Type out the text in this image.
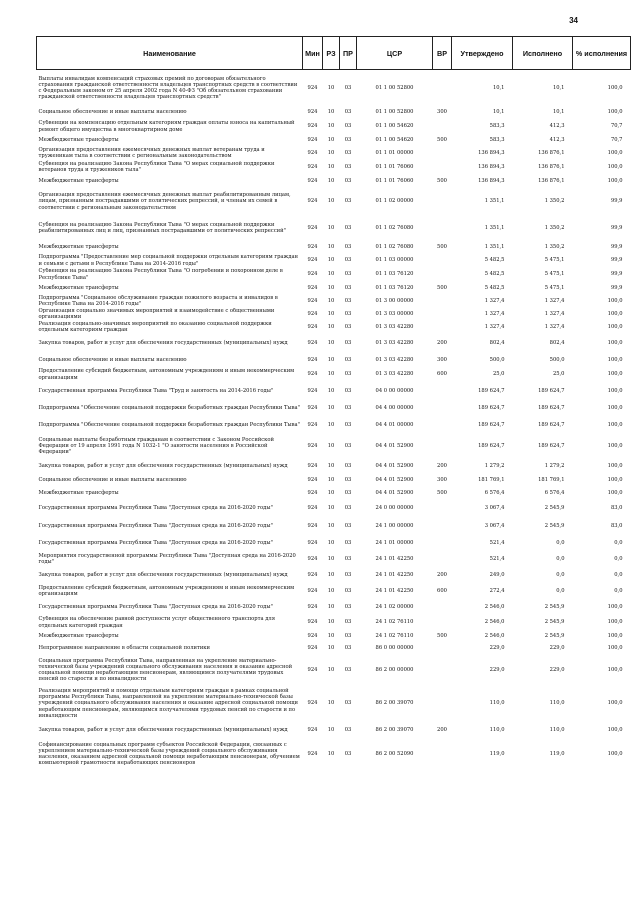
34
Наименование	Мин	РЗ	ПР	ЦСР	ВР	Утверждено	Исполнено	% исполнения
Выплаты инвалидам компенсаций страховых премий по договорам обязательного страхования гражданской ответственности владельцев транспортных средств в соответствии с Федеральным законом от 25 апреля 2002 года N 40-ФЗ "Об обязательном страховании гражданской ответственности владельцев транспортных средств"	924	10	03	01 1 00 52800		10,1	10,1	100,0
Социальное обеспечение и иные выплаты населению	924	10	03	01 1 00 52800	300	10,1	10,1	100,0
Субвенции на компенсацию отдельным категориям граждан оплаты взноса на капитальный ремонт общего имущества в многоквартирном доме	924	10	03	01 1 00 54620		583,3	412,3	70,7
Межбюджетные трансферты	924	10	03	01 1 00 54620	500	583,3	412,3	70,7
Организация предоставления ежемесячных денежных выплат ветеранам труда и труженикам тыла в соответствии с региональным законодательством	924	10	03	01 1 01 00000		136 894,3	136 876,1	100,0
Субвенция на реализацию Закона Республики Тыва "О мерах социальной поддержки ветеранов труда и тружеников тыла"	924	10	03	01 1 01 76060		136 894,3	136 876,1	100,0
Межбюджетные трансферты	924	10	03	01 1 01 76060	500	136 894,3	136 876,1	100,0
Организация предоставления ежемесячных денежных выплат реабилитированным лицам, лицам, признанным пострадавшими от политических репрессий, и членам их семей в соответствии с региональным законодательством	924	10	03	01 1 02 00000		1 351,1	1 350,2	99,9
Субвенция на реализацию Закона Республики Тыва "О мерах социальной поддержки реабилитированных лиц и лиц, признанных пострадавшими от политических репрессий"	924	10	03	01 1 02 76080		1 351,1	1 350,2	99,9
Межбюджетные трансферты	924	10	03	01 1 02 76080	500	1 351,1	1 350,2	99,9
Подпрограмма "Предоставление мер социальной поддержки отдельным категориям граждан и семьям с детьми в Республике Тыва на 2014-2016 годы"	924	10	03	01 1 03 00000		5 482,5	5 475,1	99,9
Субвенция на реализацию Закона Республики Тыва "О погребении и похоронном деле в Республике Тыва"	924	10	03	01 1 03 76120		5 482,5	5 475,1	99,9
Межбюджетные трансферты	924	10	03	01 1 03 76120	500	5 482,5	5 475,1	99,9
Подпрограмма "Социальное обслуживание граждан пожилого возраста и инвалидов в Республике Тыва на 2014-2016 годы"	924	10	03	01 3 00 00000		1 327,4	1 327,4	100,0
Организация социально значимых мероприятий и взаимодействие с общественными организациями	924	10	03	01 3 03 00000		1 327,4	1 327,4	100,0
Реализация социально-значимых мероприятий по оказанию социальной поддержки отдельным категориям граждан	924	10	03	01 3 03 42280		1 327,4	1 327,4	100,0
Закупка товаров, работ и услуг для обеспечения государственных (муниципальных) нужд	924	10	03	01 3 03 42280	200	802,4	802,4	100,0
Социальное обеспечение и иные выплаты населению	924	10	03	01 3 03 42280	300	500,0	500,0	100,0
Предоставление субсидий бюджетным, автономным учреждениям и иным некоммерческим организациям	924	10	03	01 3 03 42280	600	25,0	25,0	100,0
Государственная программа Республики Тыва "Труд и занятость на 2014-2016 годы"	924	10	03	04 0 00 00000		189 624,7	189 624,7	100,0
Подпрограмма "Обеспечение социальной поддержки безработных граждан Республики Тыва"	924	10	03	04 4 00 00000		189 624,7	189 624,7	100,0
Подпрограмма "Обеспечение социальной поддержки безработных граждан Республики Тыва"	924	10	03	04 4 01 00000		189 624,7	189 624,7	100,0
Социальные выплаты безработным гражданам в соответствии с Законом Российской Федерации от 19 апреля 1991 года N 1032-1 "О занятости населения в Российской Федерации"	924	10	03	04 4 01 52900		189 624,7	189 624,7	100,0
Закупка товаров, работ и услуг для обеспечения государственных (муниципальных) нужд	924	10	03	04 4 01 52900	200	1 279,2	1 279,2	100,0
Социальное обеспечение и иные выплаты населению	924	10	03	04 4 01 52900	300	181 769,1	181 769,1	100,0
Межбюджетные трансферты	924	10	03	04 4 01 52900	500	6 576,4	6 576,4	100,0
Государственная программа Республики Тыва "Доступная среда на 2016-2020 годы"	924	10	03	24 0 00 00000		3 067,4	2 545,9	83,0
Государственная программа Республики Тыва "Доступная среда на 2016-2020 годы"	924	10	03	24 1 00 00000		3 067,4	2 545,9	83,0
Государственная программа Республики Тыва "Доступная среда на 2016-2020 годы"	924	10	03	24 1 01 00000		521,4	0,0	0,0
Мероприятия государственной программы Республики Тыва "Доступная среда на 2016-2020 годы"	924	10	03	24 1 01 42250		521,4	0,0	0,0
Закупка товаров, работ и услуг для обеспечения государственных (муниципальных) нужд	924	10	03	24 1 01 42250	200	249,0	0,0	0,0
Предоставление субсидий бюджетным, автономным учреждениям и иным некоммерческим организациям	924	10	03	24 1 01 42250	600	272,4	0,0	0,0
Государственная программа Республики Тыва "Доступная среда на 2016-2020 годы"	924	10	03	24 1 02 00000		2 546,0	2 545,9	100,0
Субвенция на обеспечение равной доступности услуг общественного транспорта для отдельных категорий граждан	924	10	03	24 1 02 76110		2 546,0	2 545,9	100,0
Межбюджетные трансферты	924	10	03	24 1 02 76110	500	2 546,0	2 545,9	100,0
Непрограммное направление в области социальной политики	924	10	03	86 0 00 00000		229,0	229,0	100,0
Социальная программа Республики Тыва, направленная на укрепление материально-технической базы учреждений социального обслуживания населения и оказание адресной социальной помощи неработающим пенсионерам, являющимся получателями трудовых пенсий по старости и по инвалидности	924	10	03	86 2 00 00000		229,0	229,0	100,0
Реализация мероприятий и помощи отдельным категориям граждан в рамках социальной программы Республики Тыва, направленной на укрепление материально-технической базы учреждений социального обслуживания населения и оказание адресной социальной помощи неработающим пенсионерам, являющимся получателями трудовых пенсий по старости и по инвалидности	924	10	03	86 2 00 39070		110,0	110,0	100,0
Закупка товаров, работ и услуг для обеспечения государственных (муниципальных) нужд	924	10	03	86 2 00 39070	200	110,0	110,0	100,0
Софинансирование социальных программ субъектов Российской Федерации, связанных с укреплением материально-технической базы учреждений социального обслуживания населения, оказанием адресной социальной помощи неработающим пенсионерам, обучением компьютерной грамотности неработающих пенсионеров	924	10	03	86 2 00 52090		119,0	119,0	100,0
